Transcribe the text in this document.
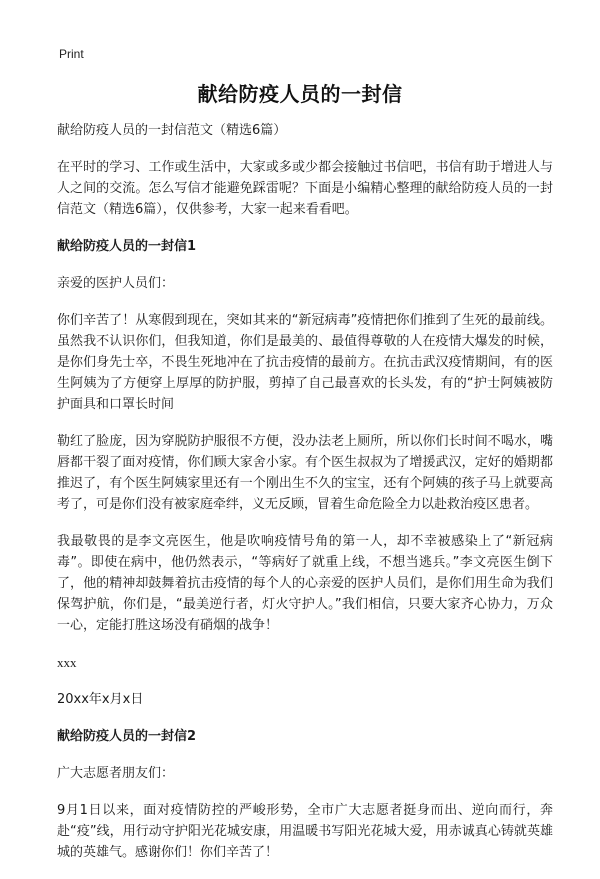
Print
献给防疫人员的一封信
献给防疫人员的一封信范文（精选6篇）
在平时的学习、工作或生活中，大家或多或少都会接触过书信吧，书信有助于增进人与人之间的交流。怎么写信才能避免踩雷呢？下面是小编精心整理的献给防疫人员的一封信范文（精选6篇），仅供参考，大家一起来看看吧。
献给防疫人员的一封信1
亲爱的医护人员们：
你们辛苦了！从寒假到现在，突如其来的“新冠病毒”疫情把你们推到了生死的最前线。虽然我不认识你们，但我知道，你们是最美的、最值得尊敬的人在疫情大爆发的时候，是你们身先士卒，不畏生死地冲在了抗击疫情的最前方。在抗击武汉疫情期间，有的医生阿姨为了方便穿上厚厚的防护服，剪掉了自己最喜欢的长头发，有的“护士阿姨被防护面具和口罩长时间
勒红了脸庞，因为穿脱防护服很不方便，没办法老上厕所，所以你们长时间不喝水，嘴唇都干裂了面对疫情，你们顾大家舍小家。有个医生叔叔为了增援武汉，定好的婚期都推迟了，有个医生阿姨家里还有一个刚出生不久的宝宝，还有个阿姨的孩子马上就要高考了，可是你们没有被家庭牵绊，义无反顾，冒着生命危险全力以赴救治疫区患者。
我最敬畏的是李文亮医生，他是吹响疫情号角的第一人，却不幸被感染上了“新冠病毒”。即使在病中，他仍然表示，“等病好了就重上线，不想当逃兵。”李文亮医生倒下了，他的精神却鼓舞着抗击疫情的每个人的心亲爱的医护人员们，是你们用生命为我们保驾护航，你们是，“最美逆行者，灯火守护人。”我们相信，只要大家齐心协力，万众一心，定能打胜这场没有硝烟的战争！
xxx
20xx年x月x日
献给防疫人员的一封信2
广大志愿者朋友们：
9月1日以来，面对疫情防控的严峻形势，全市广大志愿者挺身而出、逆向而行，奔赴“疫”线，用行动守护阳光花城安康，用温暖书写阳光花城大爱，用赤诚真心铸就英雄城的英雄气。感谢你们！你们辛苦了！
